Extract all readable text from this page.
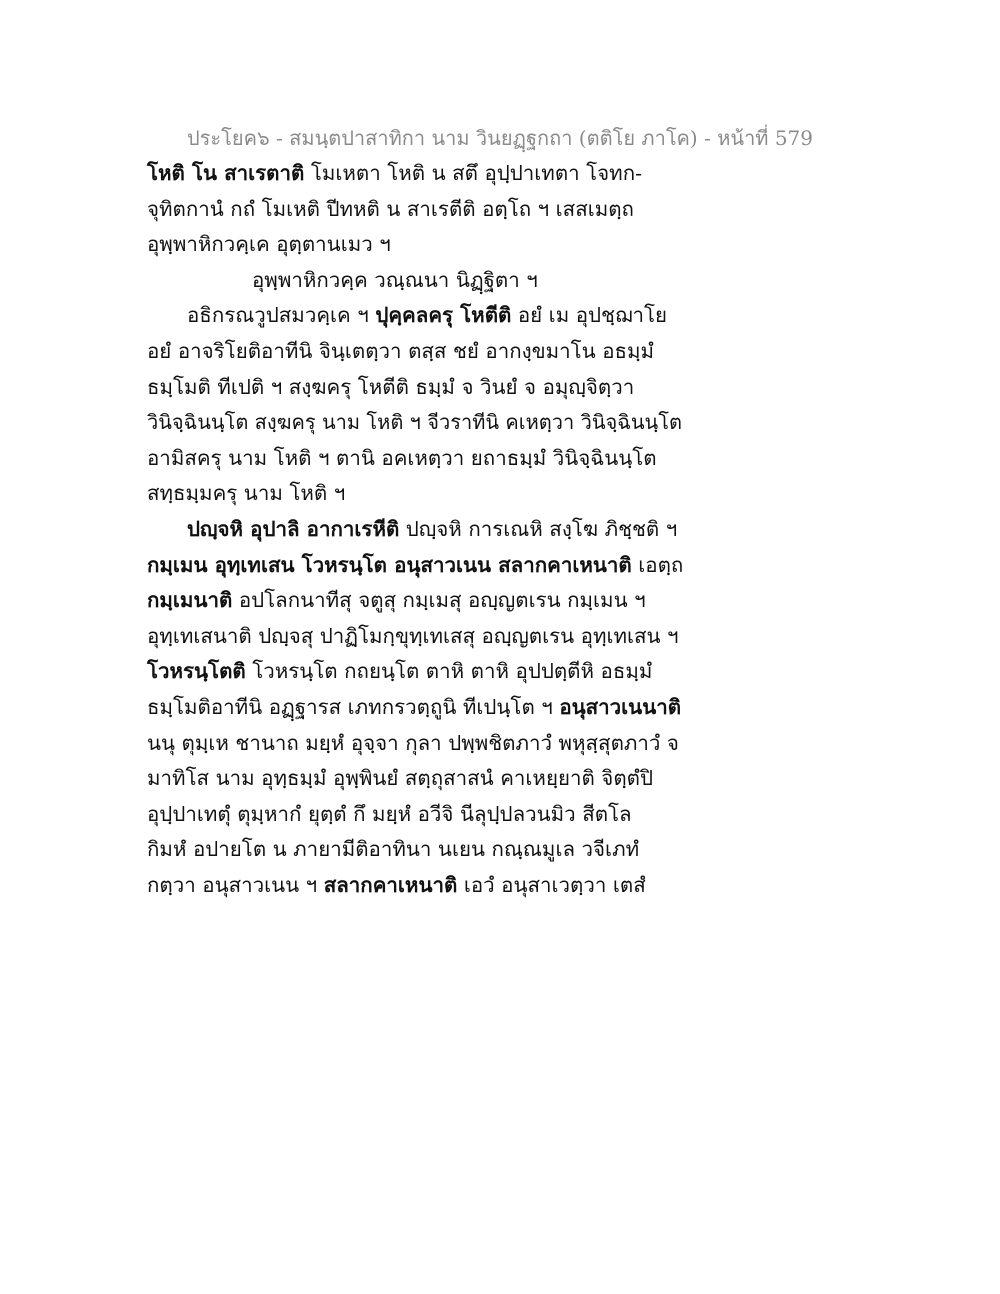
ประโยค๖ - สมนฺตปาสาทิกา นาม วินยฏฺฐกถา (ตติโย ภาโค) - หน้าที่ 579
โหติ โน สาเรตาติ โมเหตา โหติ น สตึ อุปฺปาเทตา โจทก-
จุทิตกานํ กถํ โมเหติ ปีทหติ น สาเรตีติ อตฺโถ ฯ เสสเมตฺถ
อุพฺพาหิกวคฺเค อุตฺตานเมว ฯ
อุพฺพาหิกวคฺค วณฺณนา นิฏฺฐิตา ฯ
อธิกรณวูปสมวคฺเค ฯ ปุคฺคลครุ โหตีติ อยํ เม อุปชฺฌาโย
อยํ อาจริโยติอาทีนิ จินฺเตตฺวา ตสฺส ชยํ อากงฺขมาโน อธมฺมํ
ธมฺโมติ ทีเปติ ฯ สงฺฆครุ โหตีติ ธมฺมํ จ วินยํ จ อมุญฺจิตฺวา
วินิจฺฉินนฺโต สงฺฆครุ นาม โหติ ฯ จีวราทีนิ คเหตฺวา วินิจฺฉินนฺโต
อามิสครุ นาม โหติ ฯ ตานิ อคเหตฺวา ยถาธมฺมํ วินิจฺฉินนฺโต
สทฺธมฺมครุ นาม โหติ ฯ
ปญฺจหิ อุปาลิ อากาเรหีติ ปญฺจหิ การเณหิ สงฺโฆ ภิชฺชติ ฯ
กมฺเมน อุทฺเทเสน โวหรนฺโต อนุสาวเนน สลากคาเหนาติ เอตฺถ
กมฺเมนาติ อปโลกนาทีสุ จตูสุ กมฺเมสุ อญฺญตเรน กมฺเมน ฯ
อุทฺเทเสนาติ ปญฺจสุ ปาฏิโมกฺขุทฺเทเสสุ อญฺญตเรน อุทฺเทเสน ฯ
โวหรนฺโตติ โวหรนฺโต กถยนฺโต ตาหิ ตาหิ อุปปตฺตีหิ อธมฺมํ
ธมฺโมติอาทีนิ อฏฺฐารส เภทกรวตฺถูนิ ทีเปนฺโต ฯ อนุสาวเนนาติ
นนุ ตุมฺเห ชานาถ มยฺหํ อุจฺจา กุลา ปพฺพชิตภาวํ พหุสฺสุตภาวํ จ
มาทิโส นาม อุทฺธมฺมํ อุพฺพินยํ สตฺถุสาสนํ คาเหยฺยาติ จิตฺตํปิ
อุปฺปาเทตุํ ตุมฺหากํ ยุตฺตํ กึ มยฺหํ อวีจิ นีลุปฺปลวนมิว สีตโล
กิมหํ อปายโต น ภายามีติอาทินา นเยน กณฺณมูเล วจีเภทํ
กตฺวา อนุสาวเนน ฯ สลากคาเหนาติ เอวํ อนุสาเวตฺวา เตสํ
